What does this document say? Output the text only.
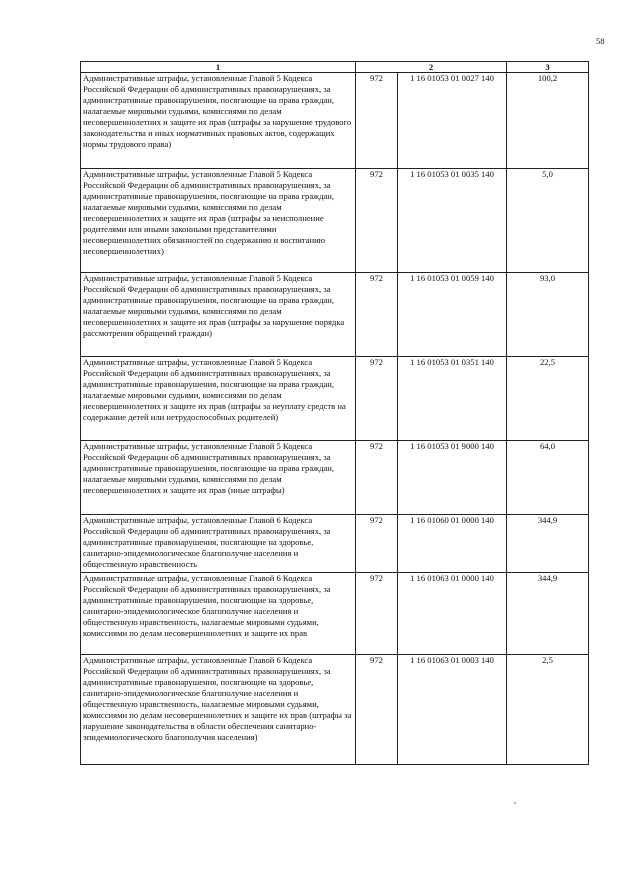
58
1	2		3
Административные штрафы, установленные Главой 5 Кодекса Российской Федерации об административных правонарушениях, за административные правонарушения, посягающие на права граждан, налагаемые мировыми судьями, комиссиями по делам несовершеннолетних и защите их прав (штрафы за нарушение трудового законодательства и иных нормативных правовых актов, содержащих нормы трудового права)	972	1 16 01053 01 0027 140	100,2
Административные штрафы, установленные Главой 5 Кодекса Российской Федерации об административных правонарушениях, за административные правонарушения, посягающие на права граждан, налагаемые мировыми судьями, комиссиями по делам несовершеннолетних и защите их прав (штрафы за неисполнение родителями или иными законными представителями несовершеннолетних обязанностей по содержанию и воспитанию несовершеннолетних)	972	1 16 01053 01 0035 140	5,0
Административные штрафы, установленные Главой 5 Кодекса Российской Федерации об административных правонарушениях, за административные правонарушения, посягающие на права граждан, налагаемые мировыми судьями, комиссиями по делам несовершеннолетних и защите их прав (штрафы за нарушение порядка рассмотрения обращений граждан)	972	1 16 01053 01 0059 140	93,0
Административные штрафы, установленные Главой 5 Кодекса Российской Федерации об административных правонарушениях, за административные правонарушения, посягающие на права граждан, налагаемые мировыми судьями, комиссиями по делам несовершеннолетних и защите их прав (штрафы за неуплату средств на содержание детей или нетрудоспособных родителей)	972	1 16 01053 01 0351 140	22,5
Административные штрафы, установленные Главой 5 Кодекса Российской Федерации об административных правонарушениях, за административные правонарушения, посягающие на права граждан, налагаемые мировыми судьями, комиссиями по делам несовершеннолетних и защите их прав (иные штрафы)	972	1 16 01053 01 9000 140	64,0
Административные штрафы, установленные Главой 6 Кодекса Российской Федерации об административных правонарушениях, за административные правонарушения, посягающие на здоровье, санитарно-эпидемиологическое благополучие населения и общественную нравственность	972	1 16 01060 01 0000 140	344,9
Административные штрафы, установленные Главой 6 Кодекса Российской Федерации об административных правонарушениях, за административные правонарушения, посягающие на здоровье, санитарно-эпидемиологическое благополучие населения и общественную нравственность, налагаемые мировыми судьями, комиссиями по делам несовершеннолетних и защите их прав	972	1 16 01063 01 0000 140	344,9
Административные штрафы, установленные Главой 6 Кодекса Российской Федерации об административных правонарушениях, за административные правонарушения, посягающие на здоровье, санитарно-эпидемиологическое благополучие населения и общественную нравственность, налагаемые мировыми судьями, комиссиями по делам несовершеннолетних и защите их прав (штрафы за нарушение законодательства в области обеспечения санитарно-эпидемиологического благополучия населения)	972	1 16 01063 01 0003 140	2,5
